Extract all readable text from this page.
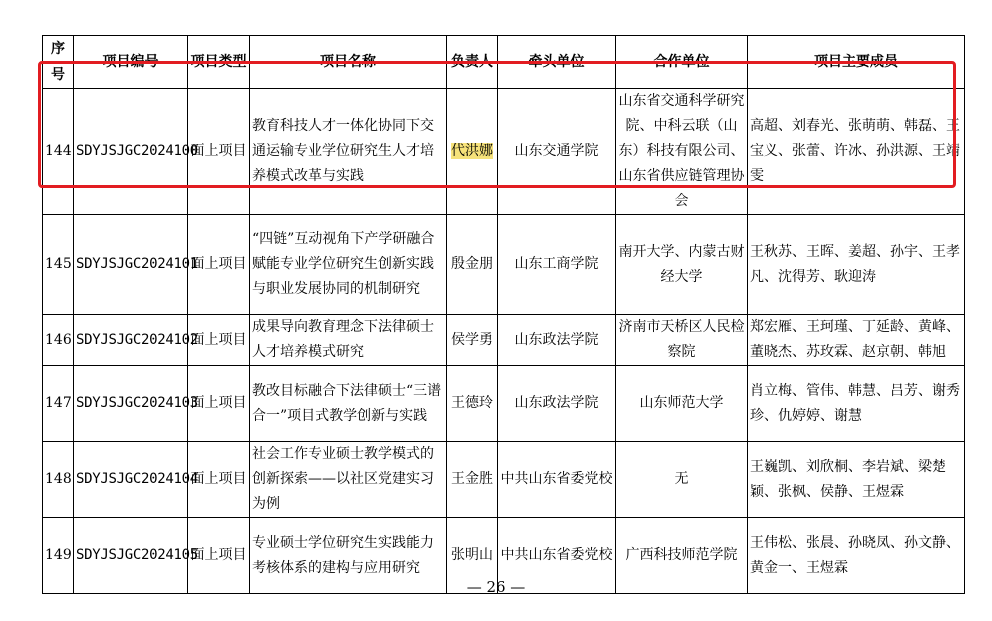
序号	项目编号	项目类型	项目名称	负责人	牵头单位	合作单位	项目主要成员
144	SDYJSJGC2024100	面上项目	教育科技人才一体化协同下交通运输专业学位研究生人才培养模式改革与实践	代洪娜	山东交通学院	山东省交通科学研究院、中科云联（山东）科技有限公司、山东省供应链管理协会	高超、刘春光、张萌萌、韩磊、王宝义、张蕾、许冰、孙洪源、王靖雯
145	SDYJSJGC2024101	面上项目	“四链”互动视角下产学研融合赋能专业学位研究生创新实践与职业发展协同的机制研究	殷金朋	山东工商学院	南开大学、内蒙古财经大学	王秋苏、王晖、姜超、孙宇、王孝凡、沈得芳、耿迎涛
146	SDYJSJGC2024102	面上项目	成果导向教育理念下法律硕士人才培养模式研究	侯学勇	山东政法学院	济南市天桥区人民检察院	郑宏雁、王珂瑾、丁延龄、黄峰、董晓杰、苏玫霖、赵京朝、韩旭
147	SDYJSJGC2024103	面上项目	教改目标融合下法律硕士“三谱合一”项目式教学创新与实践	王德玲	山东政法学院	山东师范大学	肖立梅、管伟、韩慧、吕芳、谢秀珍、仇婷婷、谢慧
148	SDYJSJGC2024104	面上项目	社会工作专业硕士教学模式的创新探索——以社区党建实习为例	王金胜	中共山东省委党校	无	王巍凯、刘欣桐、李岩斌、梁楚颖、张枫、侯静、王煜霖
149	SDYJSJGC2024105	面上项目	专业硕士学位研究生实践能力考核体系的建构与应用研究	张明山	中共山东省委党校	广西科技师范学院	王伟松、张晨、孙晓凤、孙文静、黄金一、王煜霖
— 26 —
